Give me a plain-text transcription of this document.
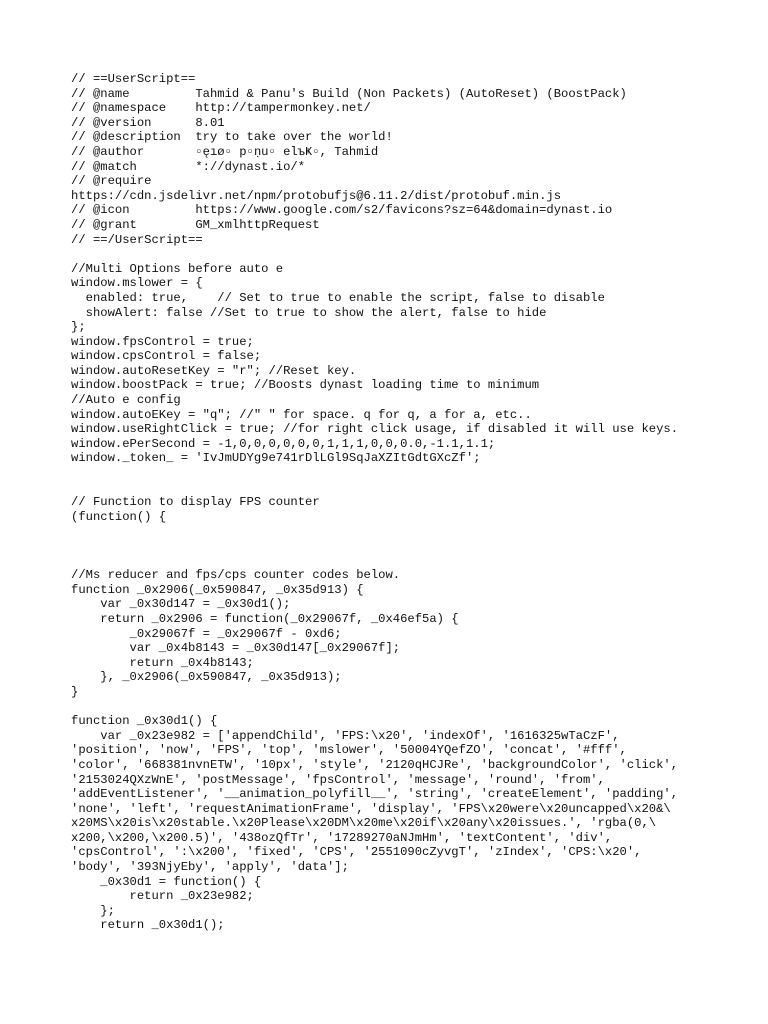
// ==UserScript==
// @name         Tahmid & Panu's Build (Non Packets) (AutoReset) (BoostPack)
// @namespace    http://tampermonkey.net/
// @version      8.01
// @description  try to take over the world!
// @author       ▫ęıø▫ p▫ṇu▫ elъҜ▫, Tahmid
// @match        *://dynast.io/*
// @require
https://cdn.jsdelivr.net/npm/protobufjs@6.11.2/dist/protobuf.min.js
// @icon         https://www.google.com/s2/favicons?sz=64&domain=dynast.io
// @grant        GM_xmlhttpRequest
// ==/UserScript==
//Multi Options before auto e
window.mslower = {
enabled: true,    // Set to true to enable the script, false to disable
showAlert: false //Set to true to show the alert, false to hide
};
window.fpsControl = true;
window.cpsControl = false;
window.autoResetKey = "r"; //Reset key.
window.boostPack = true; //Boosts dynast loading time to minimum
//Auto e config
window.autoEKey = "q"; //" " for space. q for q, a for a, etc..
window.useRightClick = true; //for right click usage, if disabled it will use keys.
window.ePerSecond = -1,0,0,0,0,0,0,1,1,1,0,0,0.0,-1.1,1.1;
window._token_ = 'IvJmUDYg9e741rDlLGl9SqJaXZItGdtGXcZf';
// Function to display FPS counter
(function() {
//Ms reducer and fps/cps counter codes below.
function _0x2906(_0x590847, _0x35d913) {
var _0x30d147 = _0x30d1();
return _0x2906 = function(_0x29067f, _0x46ef5a) {
_0x29067f = _0x29067f - 0xd6;
var _0x4b8143 = _0x30d147[_0x29067f];
return _0x4b8143;
}, _0x2906(_0x590847, _0x35d913);
}
function _0x30d1() {
var _0x23e982 = ['appendChild', 'FPS:\x20', 'indexOf', '1616325wTaCzF',
'position', 'now', 'FPS', 'top', 'mslower', '50004YQefZO', 'concat', '#fff',
'color', '668381nvnETW', '10px', 'style', '2120qHCJRe', 'backgroundColor', 'click',
'2153024QXzWnE', 'postMessage', 'fpsControl', 'message', 'round', 'from',
'addEventListener', '__animation_polyfill__', 'string', 'createElement', 'padding',
'none', 'left', 'requestAnimationFrame', 'display', 'FPS\x20were\x20uncapped\x20&\
x20MS\x20is\x20stable.\x20Please\x20DM\x20me\x20if\x20any\x20issues.', 'rgba(0,\
x200,\x200,\x200.5)', '438ozQfTr', '17289270aNJmHm', 'textContent', 'div',
'cpsControl', ':\x200', 'fixed', 'CPS', '2551090cZyvgT', 'zIndex', 'CPS:\x20',
'body', '393NjyEby', 'apply', 'data'];
_0x30d1 = function() {
return _0x23e982;
};
return _0x30d1();
